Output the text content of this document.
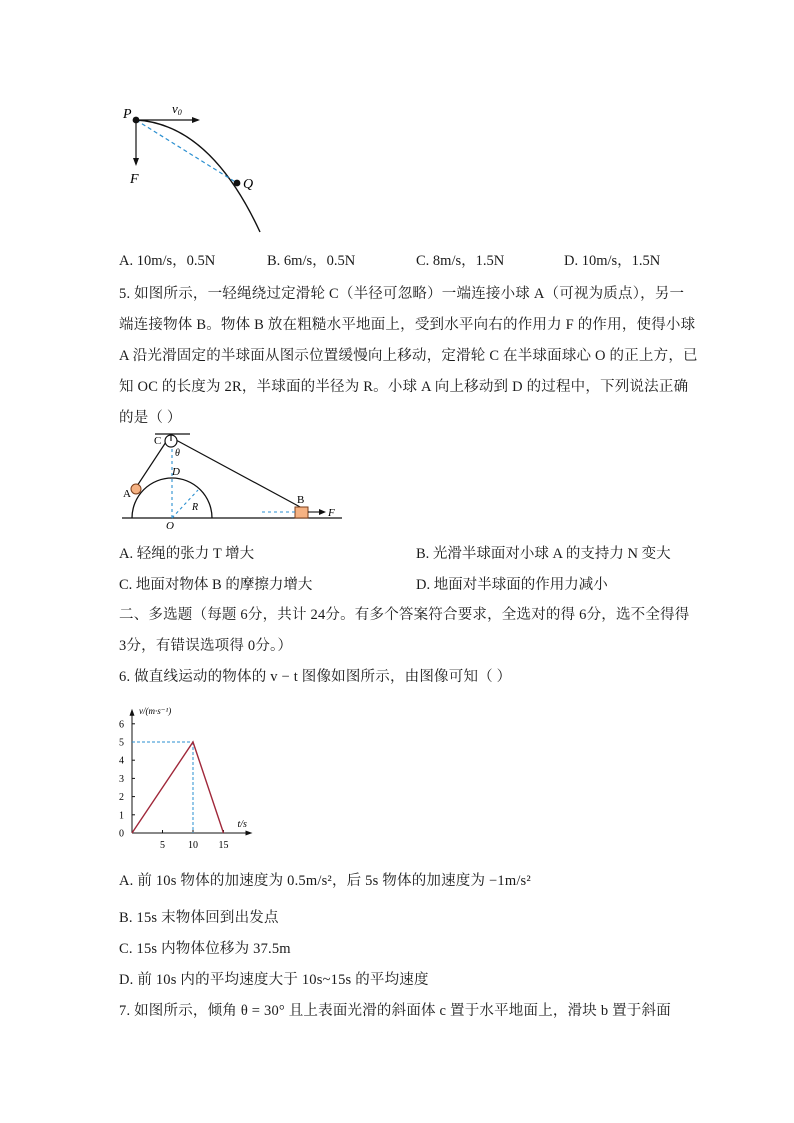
P
Q
F
v0
A. 10m/s，0.5N	B. 6m/s，0.5N	C. 8m/s，1.5N	D. 10m/s，1.5N
5. 如图所示，一轻绳绕过定滑轮 C（半径可忽略）一端连接小球 A（可视为质点），另一
端连接物体 B。物体 B 放在粗糙水平地面上，受到水平向右的作用力 F 的作用，使得小球
A 沿光滑固定的半球面从图示位置缓慢向上移动，定滑轮 C 在半球面球心 O 的正上方，已
知 OC 的长度为 2R，半球面的半径为 R。小球 A 向上移动到 D 的过程中，下列说法正确
的是（ ）
C
θ
D
A
R
O
B
F
A. 轻绳的张力 T 增大	B. 光滑半球面对小球 A 的支持力 N 变大
C. 地面对物体 B 的摩擦力增大	D. 地面对半球面的作用力减小
二、多选题（每题 6分，共计 24分。有多个答案符合要求，全选对的得 6分，选不全得得
3分，有错误选项得 0分。）
6. 做直线运动的物体的 v − t 图像如图所示，由图像可知（ ）
0
1
2
3
4
5
6
5 10 15
v/(m·s⁻¹)
t/s
A. 前 10s 物体的加速度为 0.5m/s²，后 5s 物体的加速度为 −1m/s²
B. 15s 末物体回到出发点
C. 15s 内物体位移为 37.5m
D. 前 10s 内的平均速度大于 10s~15s 的平均速度
7. 如图所示，倾角 θ = 30° 且上表面光滑的斜面体 c 置于水平地面上，滑块 b 置于斜面
